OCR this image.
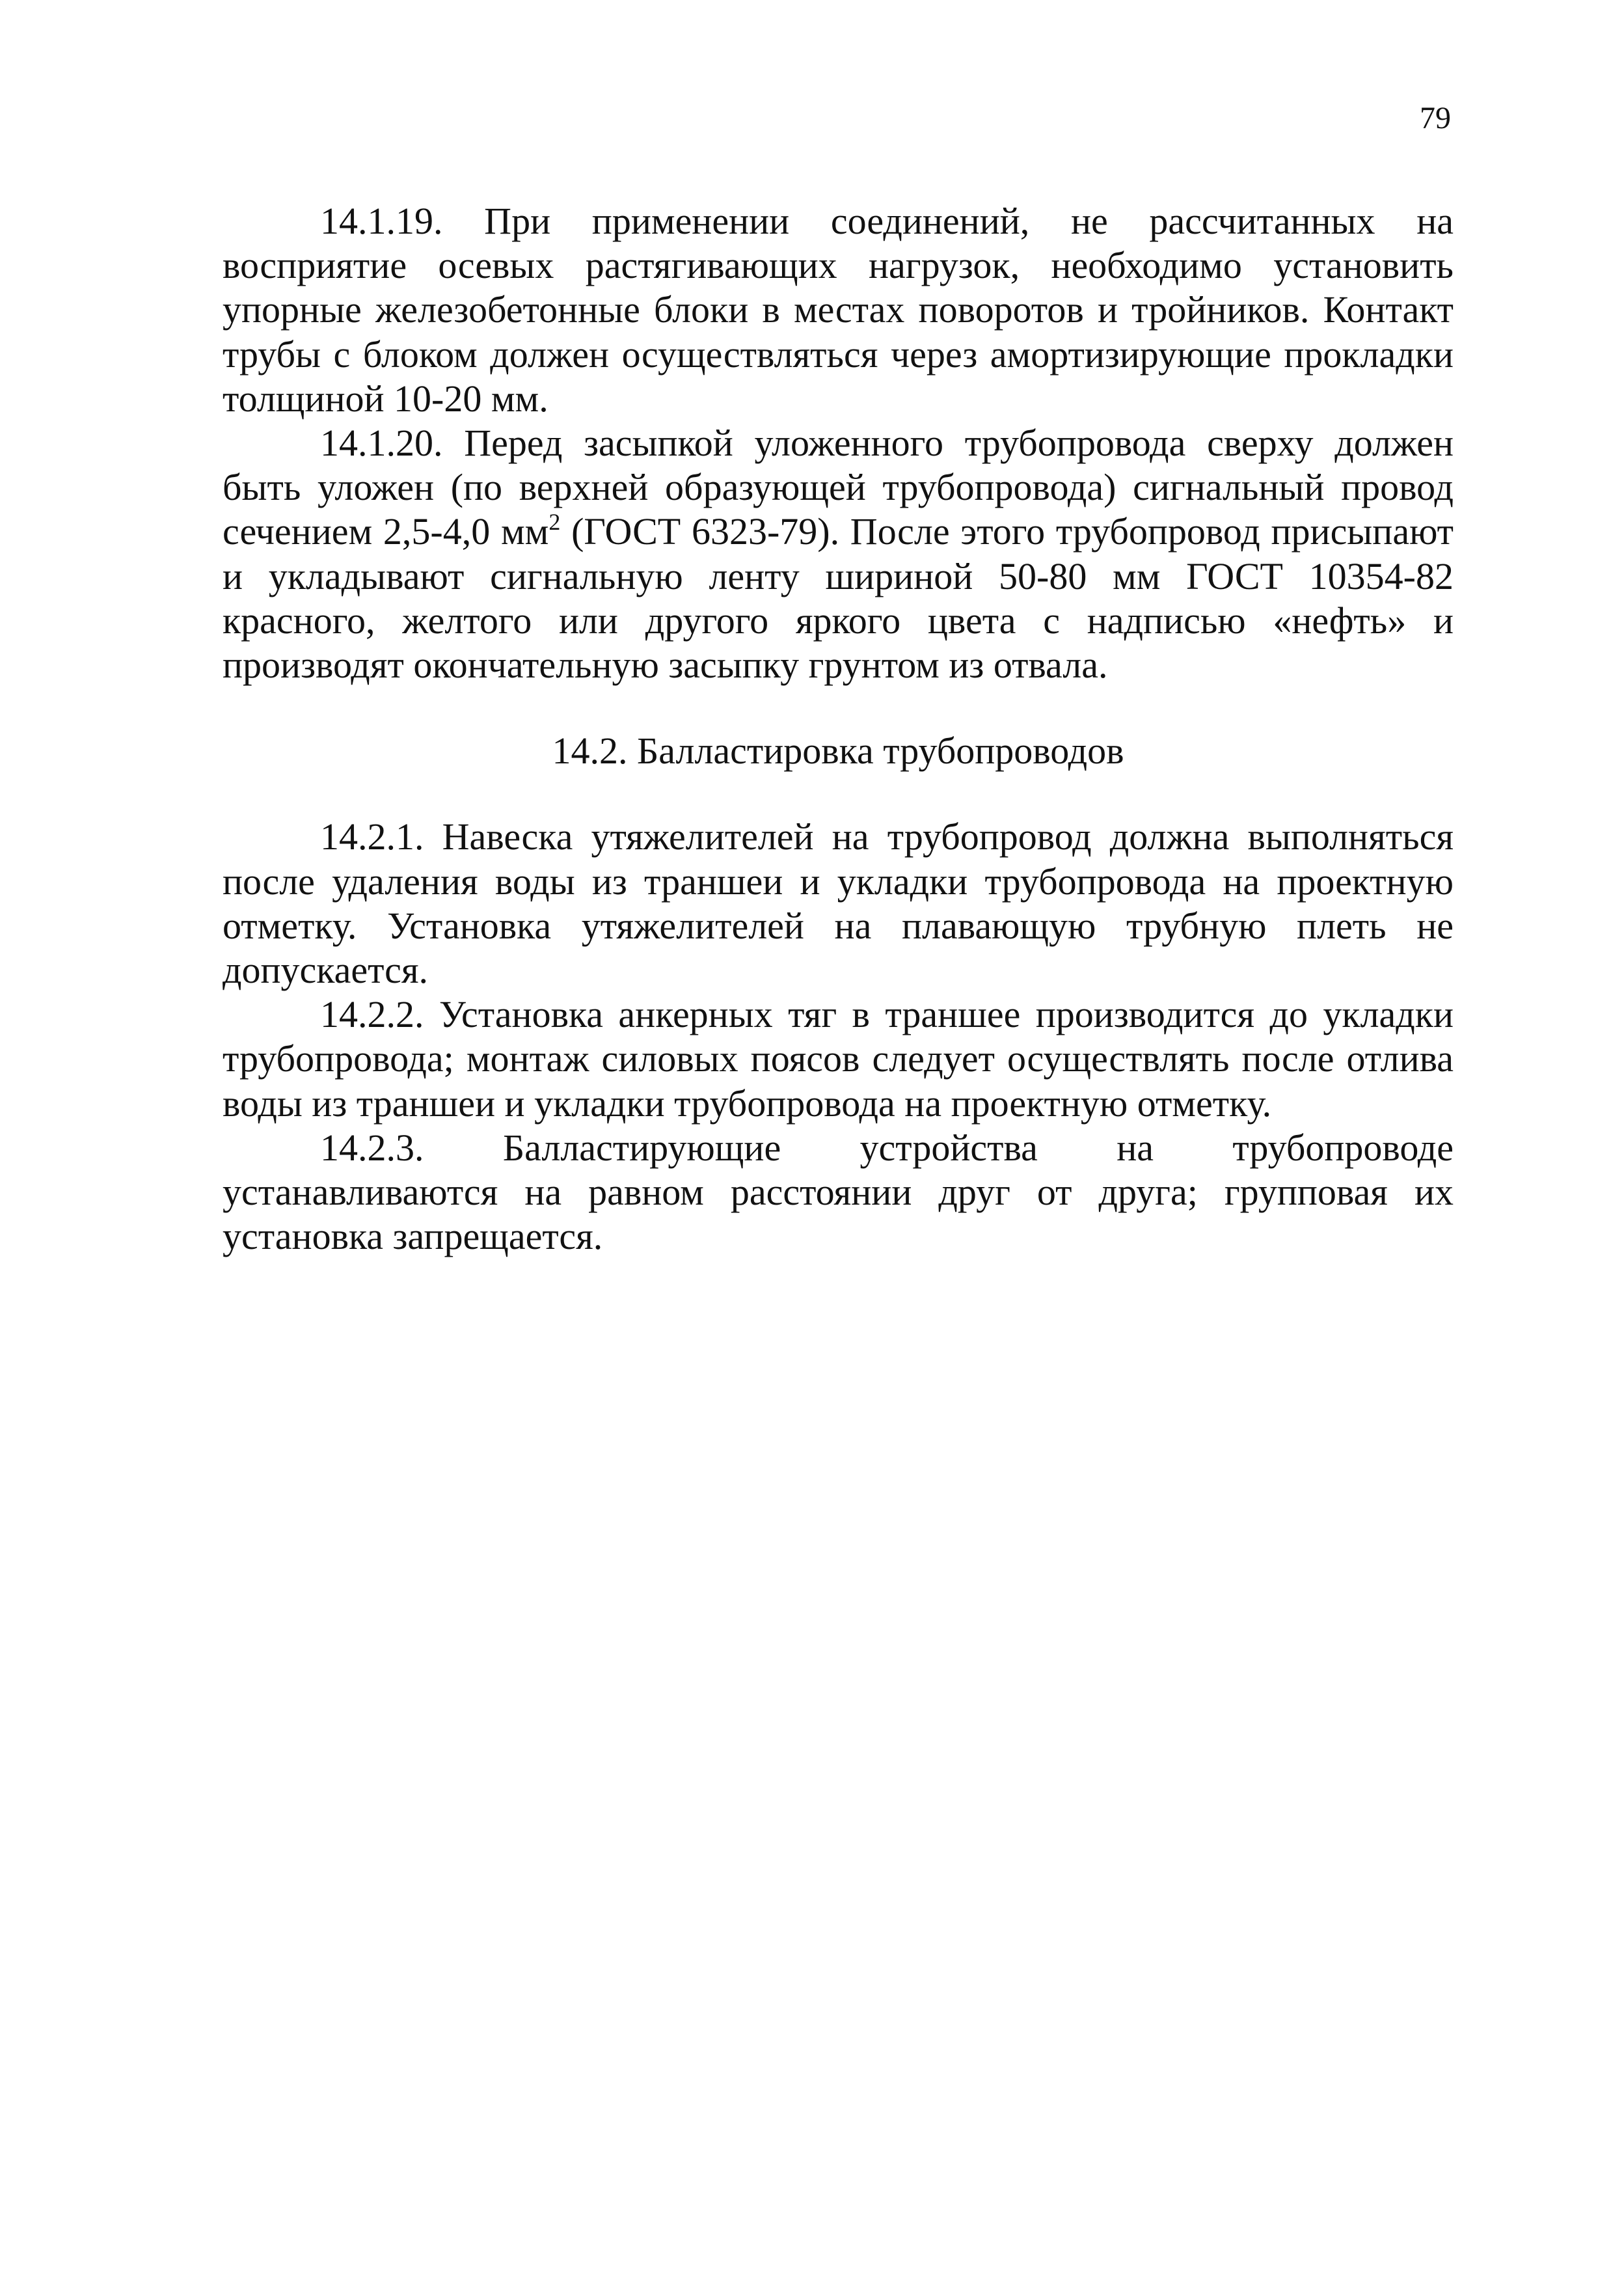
79

14.1.19. При применении соединений, не рассчитанных на восприятие осевых растягивающих нагрузок, необходимо установить упорные железобетонные блоки в местах поворотов и тройников. Контакт трубы с блоком должен осуществляться через амортизирующие прокладки толщиной 10-20 мм.

14.1.20. Перед засыпкой уложенного трубопровода сверху должен быть уложен (по верхней образующей трубопровода) сигнальный провод сечением 2,5-4,0 $мм^2$ (ГОСТ 6323-79). После этого трубопровод присыпают и укладывают сигнальную ленту шириной 50-80 мм ГОСТ 10354-82 красного, желтого или другого яркого цвета с надписью «нефть» и производят окончательную засыпку грунтом из отвала.

14.2. Балластировка трубопроводов

14.2.1. Навеска утяжелителей на трубопровод должна выполняться после удаления воды из траншеи и укладки трубопровода на проектную отметку. Установка утяжелителей на плавающую трубную плеть не допускается.

14.2.2. Установка анкерных тяг в траншее производится до укладки трубопровода; монтаж силовых поясов следует осуществлять после отлива воды из траншеи и укладки трубопровода на проектную отметку.

14.2.3. Балластирующие устройства на трубопроводе устанавливаются на равном расстоянии друг от друга; групповая их установка запрещается.
